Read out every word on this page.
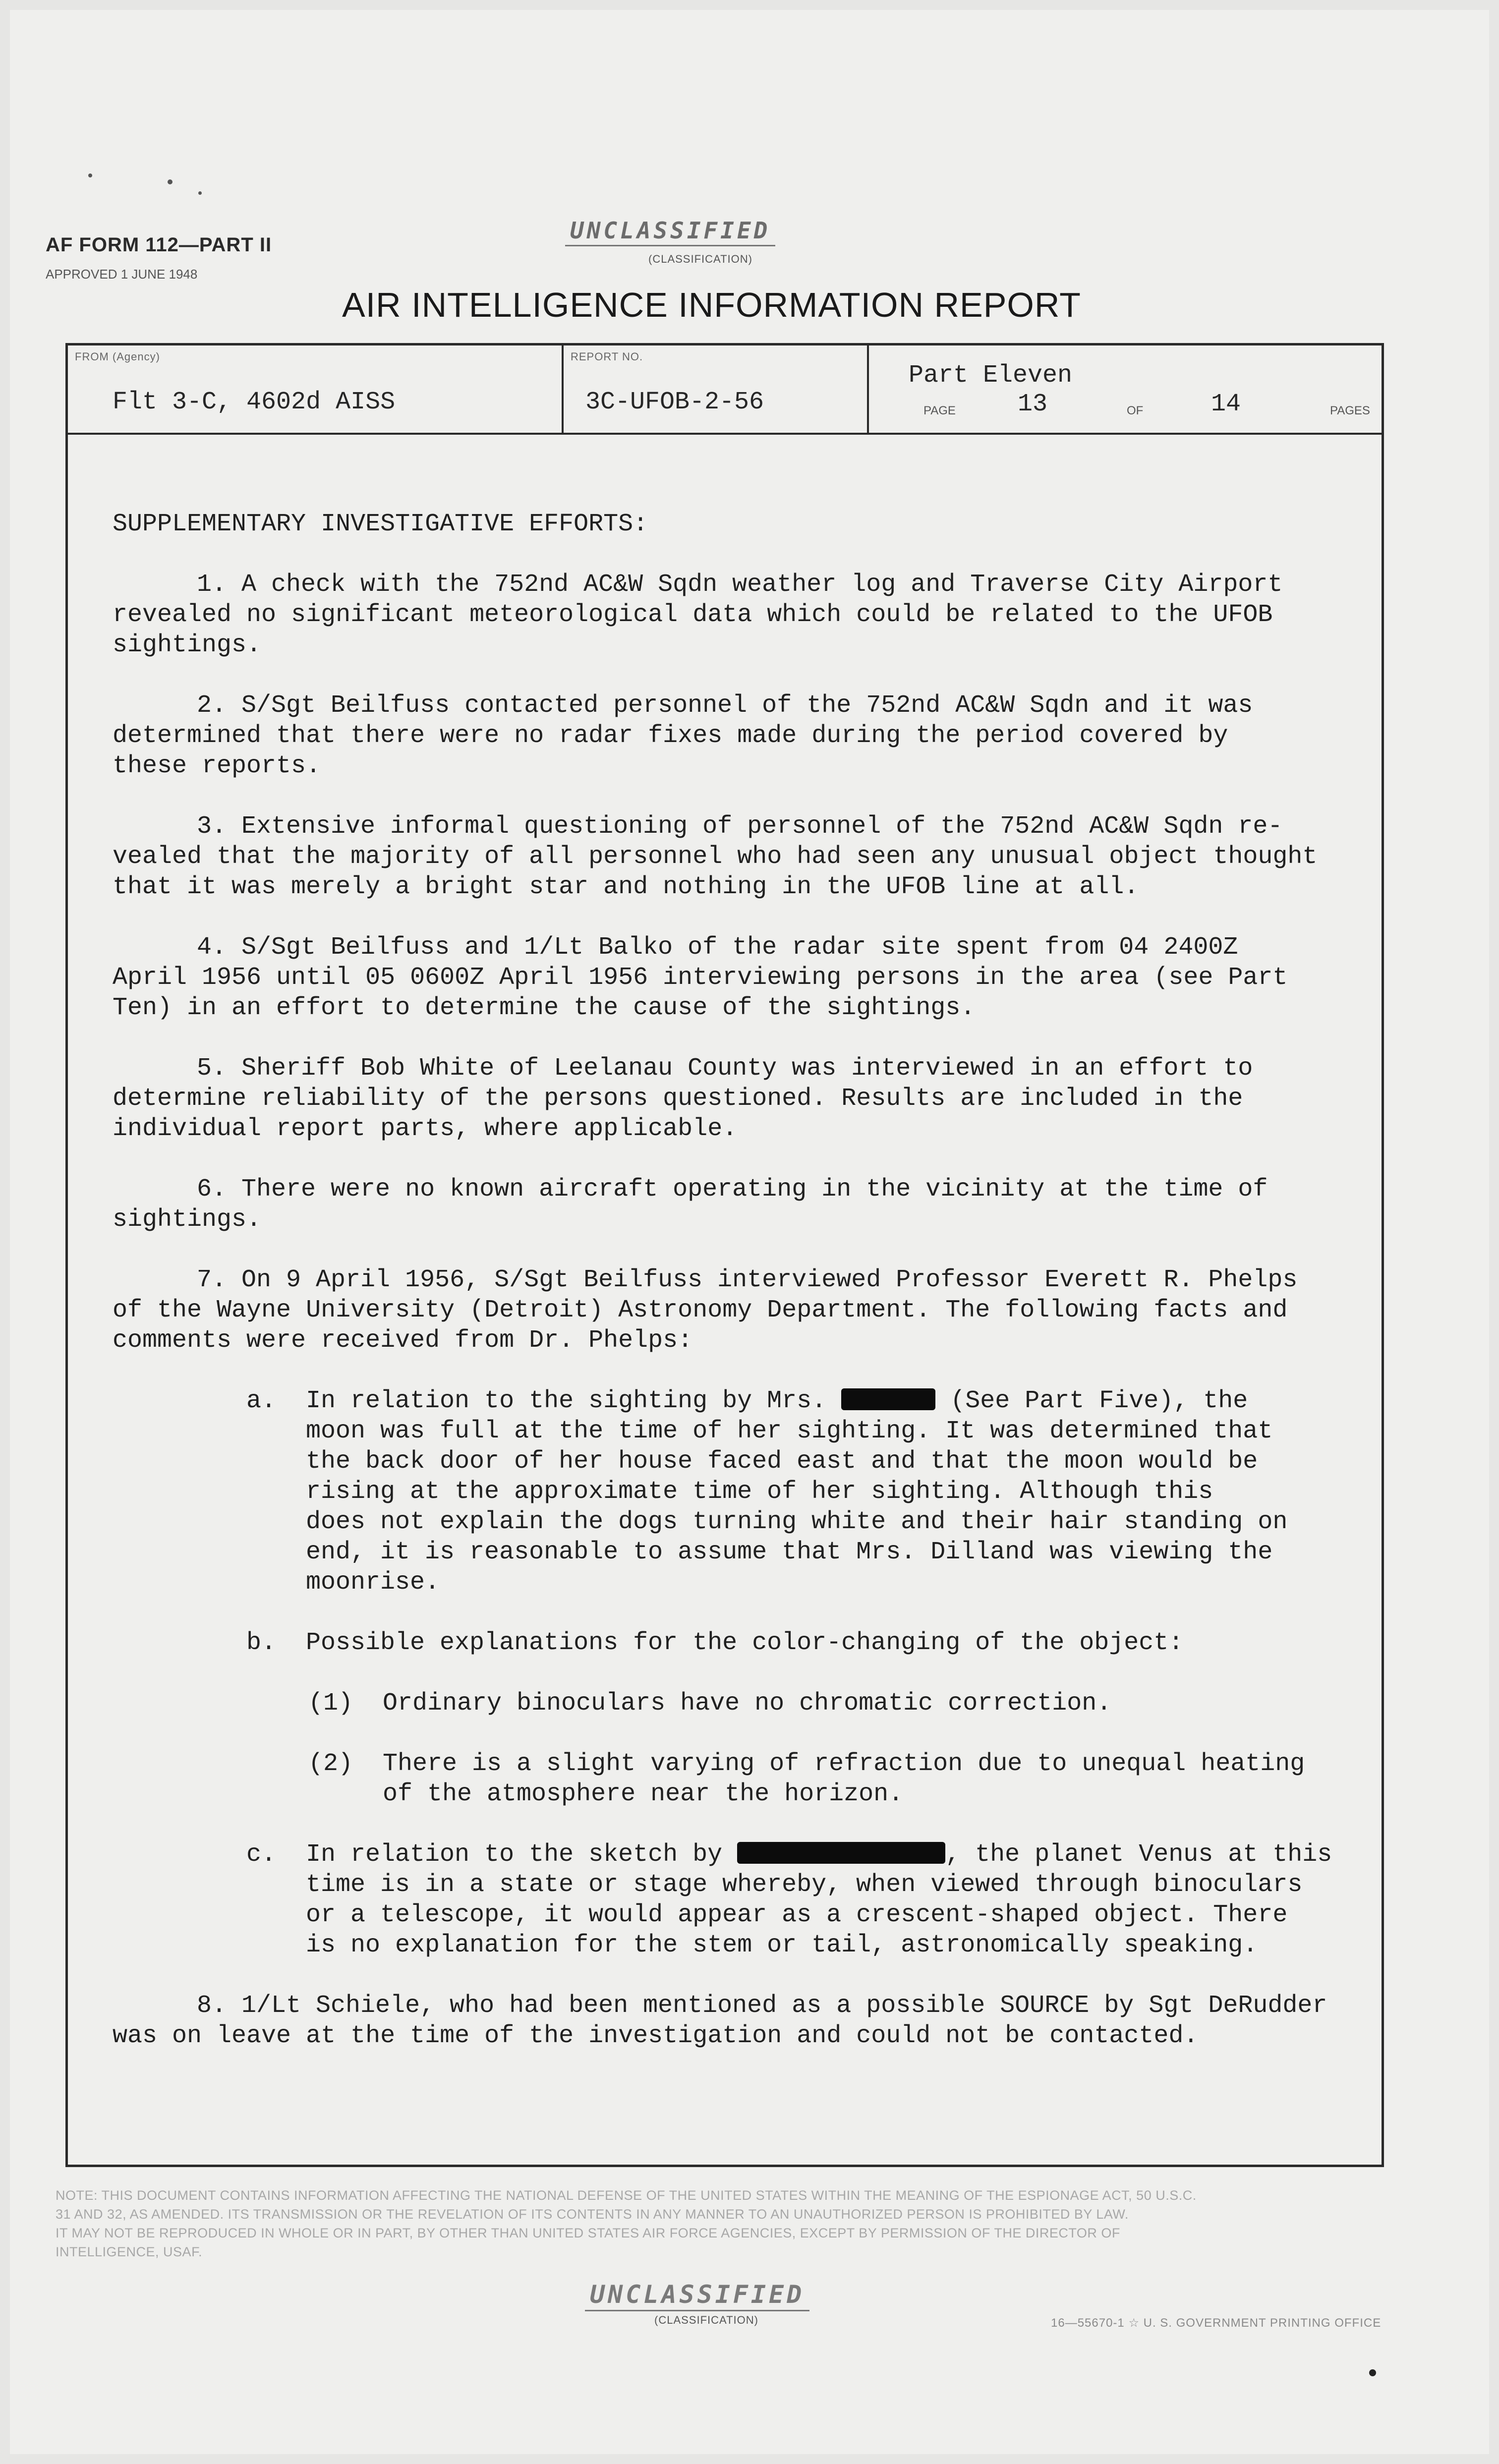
AF FORM 112—PART II
APPROVED 1 JUNE 1948
UNCLASSIFIED
(CLASSIFICATION)
AIR INTELLIGENCE INFORMATION REPORT
FROM (Agency)
Flt 3-C, 4602d AISS
REPORT NO.
3C-UFOB-2-56
Part Eleven
PAGE	13	OF	14	PAGES

SUPPLEMENTARY INVESTIGATIVE EFFORTS:

1. A check with the 752nd AC&W Sqdn weather log and Traverse City Airport

revealed no significant meteorological data which could be related to the UFOB

sightings.

2. S/Sgt Beilfuss contacted personnel of the 752nd AC&W Sqdn and it was

determined that there were no radar fixes made during the period covered by

these reports.

3. Extensive informal questioning of personnel of the 752nd AC&W Sqdn re-

vealed that the majority of all personnel who had seen any unusual object thought

that it was merely a bright star and nothing in the UFOB line at all.

4. S/Sgt Beilfuss and 1/Lt Balko of the radar site spent from 04 2400Z

April 1956 until 05 0600Z April 1956 interviewing persons in the area (see Part

Ten) in an effort to determine the cause of the sightings.

5. Sheriff Bob White of Leelanau County was interviewed in an effort to

determine reliability of the persons questioned. Results are included in the

individual report parts, where applicable.

6. There were no known aircraft operating in the vicinity at the time of

sightings.

7. On 9 April 1956, S/Sgt Beilfuss interviewed Professor Everett R. Phelps

of the Wayne University (Detroit) Astronomy Department. The following facts and

comments were received from Dr. Phelps:

a. In relation to the sighting by Mrs.	(See Part Five), the

moon was full at the time of her sighting. It was determined that

the back door of her house faced east and that the moon would be

rising at the approximate time of her sighting. Although this

does not explain the dogs turning white and their hair standing on

end, it is reasonable to assume that Mrs. Dilland was viewing the

moonrise.

b. Possible explanations for the color-changing of the object:

(1) Ordinary binoculars have no chromatic correction.

(2) There is a slight varying of refraction due to unequal heating

of the atmosphere near the horizon.

c. In relation to the sketch by	, the planet Venus at this

time is in a state or stage whereby, when viewed through binoculars

or a telescope, it would appear as a crescent-shaped object. There

is no explanation for the stem or tail, astronomically speaking.

8. 1/Lt Schiele, who had been mentioned as a possible SOURCE by Sgt DeRudder

was on leave at the time of the investigation and could not be contacted.

NOTE: THIS DOCUMENT CONTAINS INFORMATION AFFECTING THE NATIONAL DEFENSE OF THE UNITED STATES WITHIN THE MEANING OF THE ESPIONAGE ACT, 50 U.S.C.

31 AND 32, AS AMENDED. ITS TRANSMISSION OR THE REVELATION OF ITS CONTENTS IN ANY MANNER TO AN UNAUTHORIZED PERSON IS PROHIBITED BY LAW.

IT MAY NOT BE REPRODUCED IN WHOLE OR IN PART, BY OTHER THAN UNITED STATES AIR FORCE AGENCIES, EXCEPT BY PERMISSION OF THE DIRECTOR OF

INTELLIGENCE, USAF.

UNCLASSIFIED
(CLASSIFICATION)	16—55670-1 ☆ U. S. GOVERNMENT PRINTING OFFICE
